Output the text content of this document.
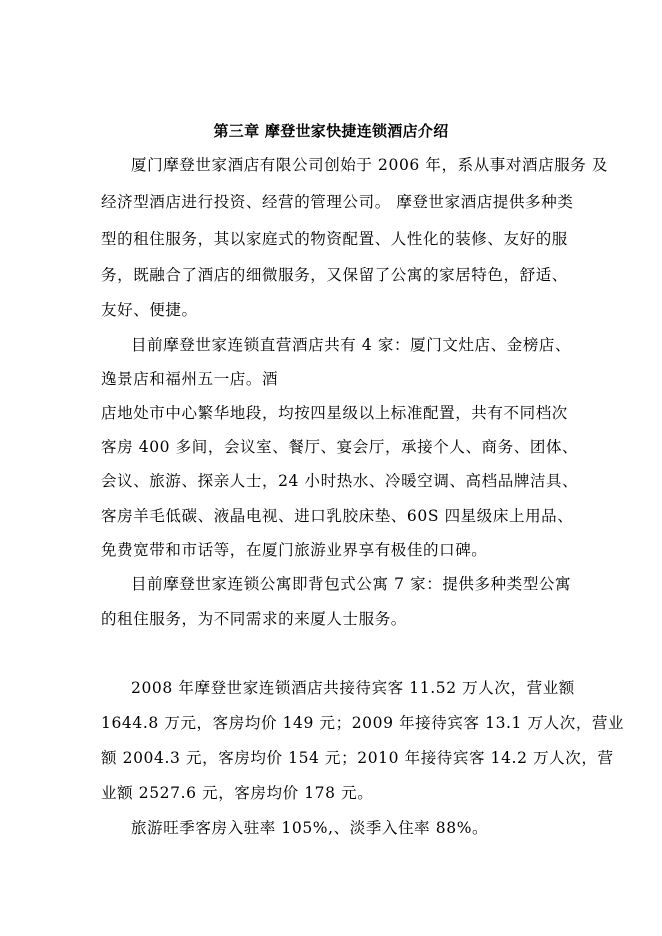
第三章 摩登世家快捷连锁酒店介绍
厦门摩登世家酒店有限公司创始于 2006 年，系从事对酒店服务 及
经济型酒店进行投资、经营的管理公司。 摩登世家酒店提供多种类
型的租住服务，其以家庭式的物资配置、人性化的装修、友好的服
务，既融合了酒店的细微服务，又保留了公寓的家居特色，舒适、
友好、便捷。
目前摩登世家连锁直营酒店共有 4 家：厦门文灶店、金榜店、
逸景店和福州五一店。酒
店地处市中心繁华地段，均按四星级以上标准配置，共有不同档次
客房 400 多间，会议室、餐厅、宴会厅，承接个人、商务、团体、
会议、旅游、探亲人士，24 小时热水、冷暖空调、高档品牌洁具、
客房羊毛低碳、液晶电视、进口乳胶床垫、60S 四星级床上用品、
免费宽带和市话等，在厦门旅游业界享有极佳的口碑。
目前摩登世家连锁公寓即背包式公寓 7 家：提供多种类型公寓
的租住服务，为不同需求的来厦人士服务。
2008 年摩登世家连锁酒店共接待宾客 11.52 万人次，营业额
1644.8 万元，客房均价 149 元；2009 年接待宾客 13.1 万人次，营业
额 2004.3 元，客房均价 154 元；2010 年接待宾客 14.2 万人次，营
业额 2527.6 元，客房均价 178 元。
旅游旺季客房入驻率 105%,、淡季入住率 88%。
